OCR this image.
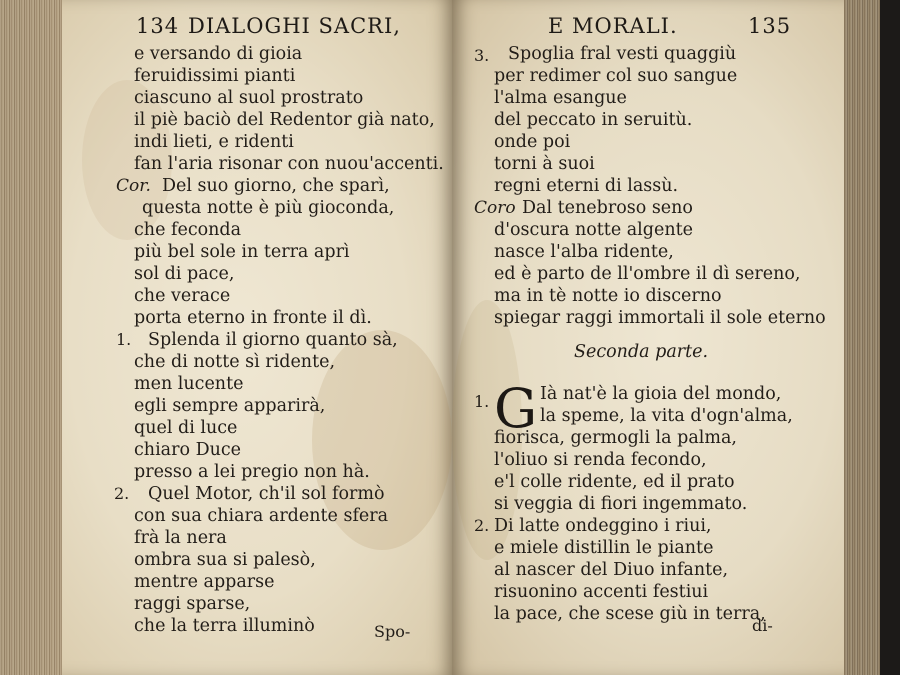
134 DIALOGHI SACRI,
e versando di gioia
feruidissimi pianti
ciascuno al suol prostrato
il piè baciò del Redentor già nato,
indi lieti, e ridenti
fan l'aria risonar con nuou'accenti.
Cor. Del suo giorno, che sparì,
questa notte è più gioconda,
che feconda
più bel sole in terra aprì
sol di pace,
che verace
porta eterno in fronte il dì.
1. Splenda il giorno quanto sà,
che di notte sì ridente,
men lucente
egli sempre apparirà,
quel di luce
chiaro Duce
presso a lei pregio non hà.
2. Quel Motor, ch'il sol formò
con sua chiara ardente sfera
frà la nera
ombra sua si palesò,
mentre apparse
raggi sparse,
che la terra illuminò	Spo-
E MORALI.	135
3. Spoglia fral vesti quaggiù
per redimer col suo sangue
l'alma esangue
del peccato in seruitù.
onde poi
torni à suoi
regni eterni di lassù.
Coro Dal tenebroso seno
d'oscura notte algente
nasce l'alba ridente,
ed è parto de ll'ombre il dì sereno,
ma in tè notte io discerno
spiegar raggi immortali il sole eterno
Seconda parte.
1. G Ià nat'è la gioia del mondo,
la speme, la vita d'ogn'alma,
fiorisca, germogli la palma,
l'oliuo si renda fecondo,
e'l colle ridente, ed il prato
si veggia di fiori ingemmato.
2. Di latte ondeggino i riui,
e miele distillin le piante
al nascer del Diuo infante,
risuonino accenti festiui
la pace, che scese giù in terra,
di-
